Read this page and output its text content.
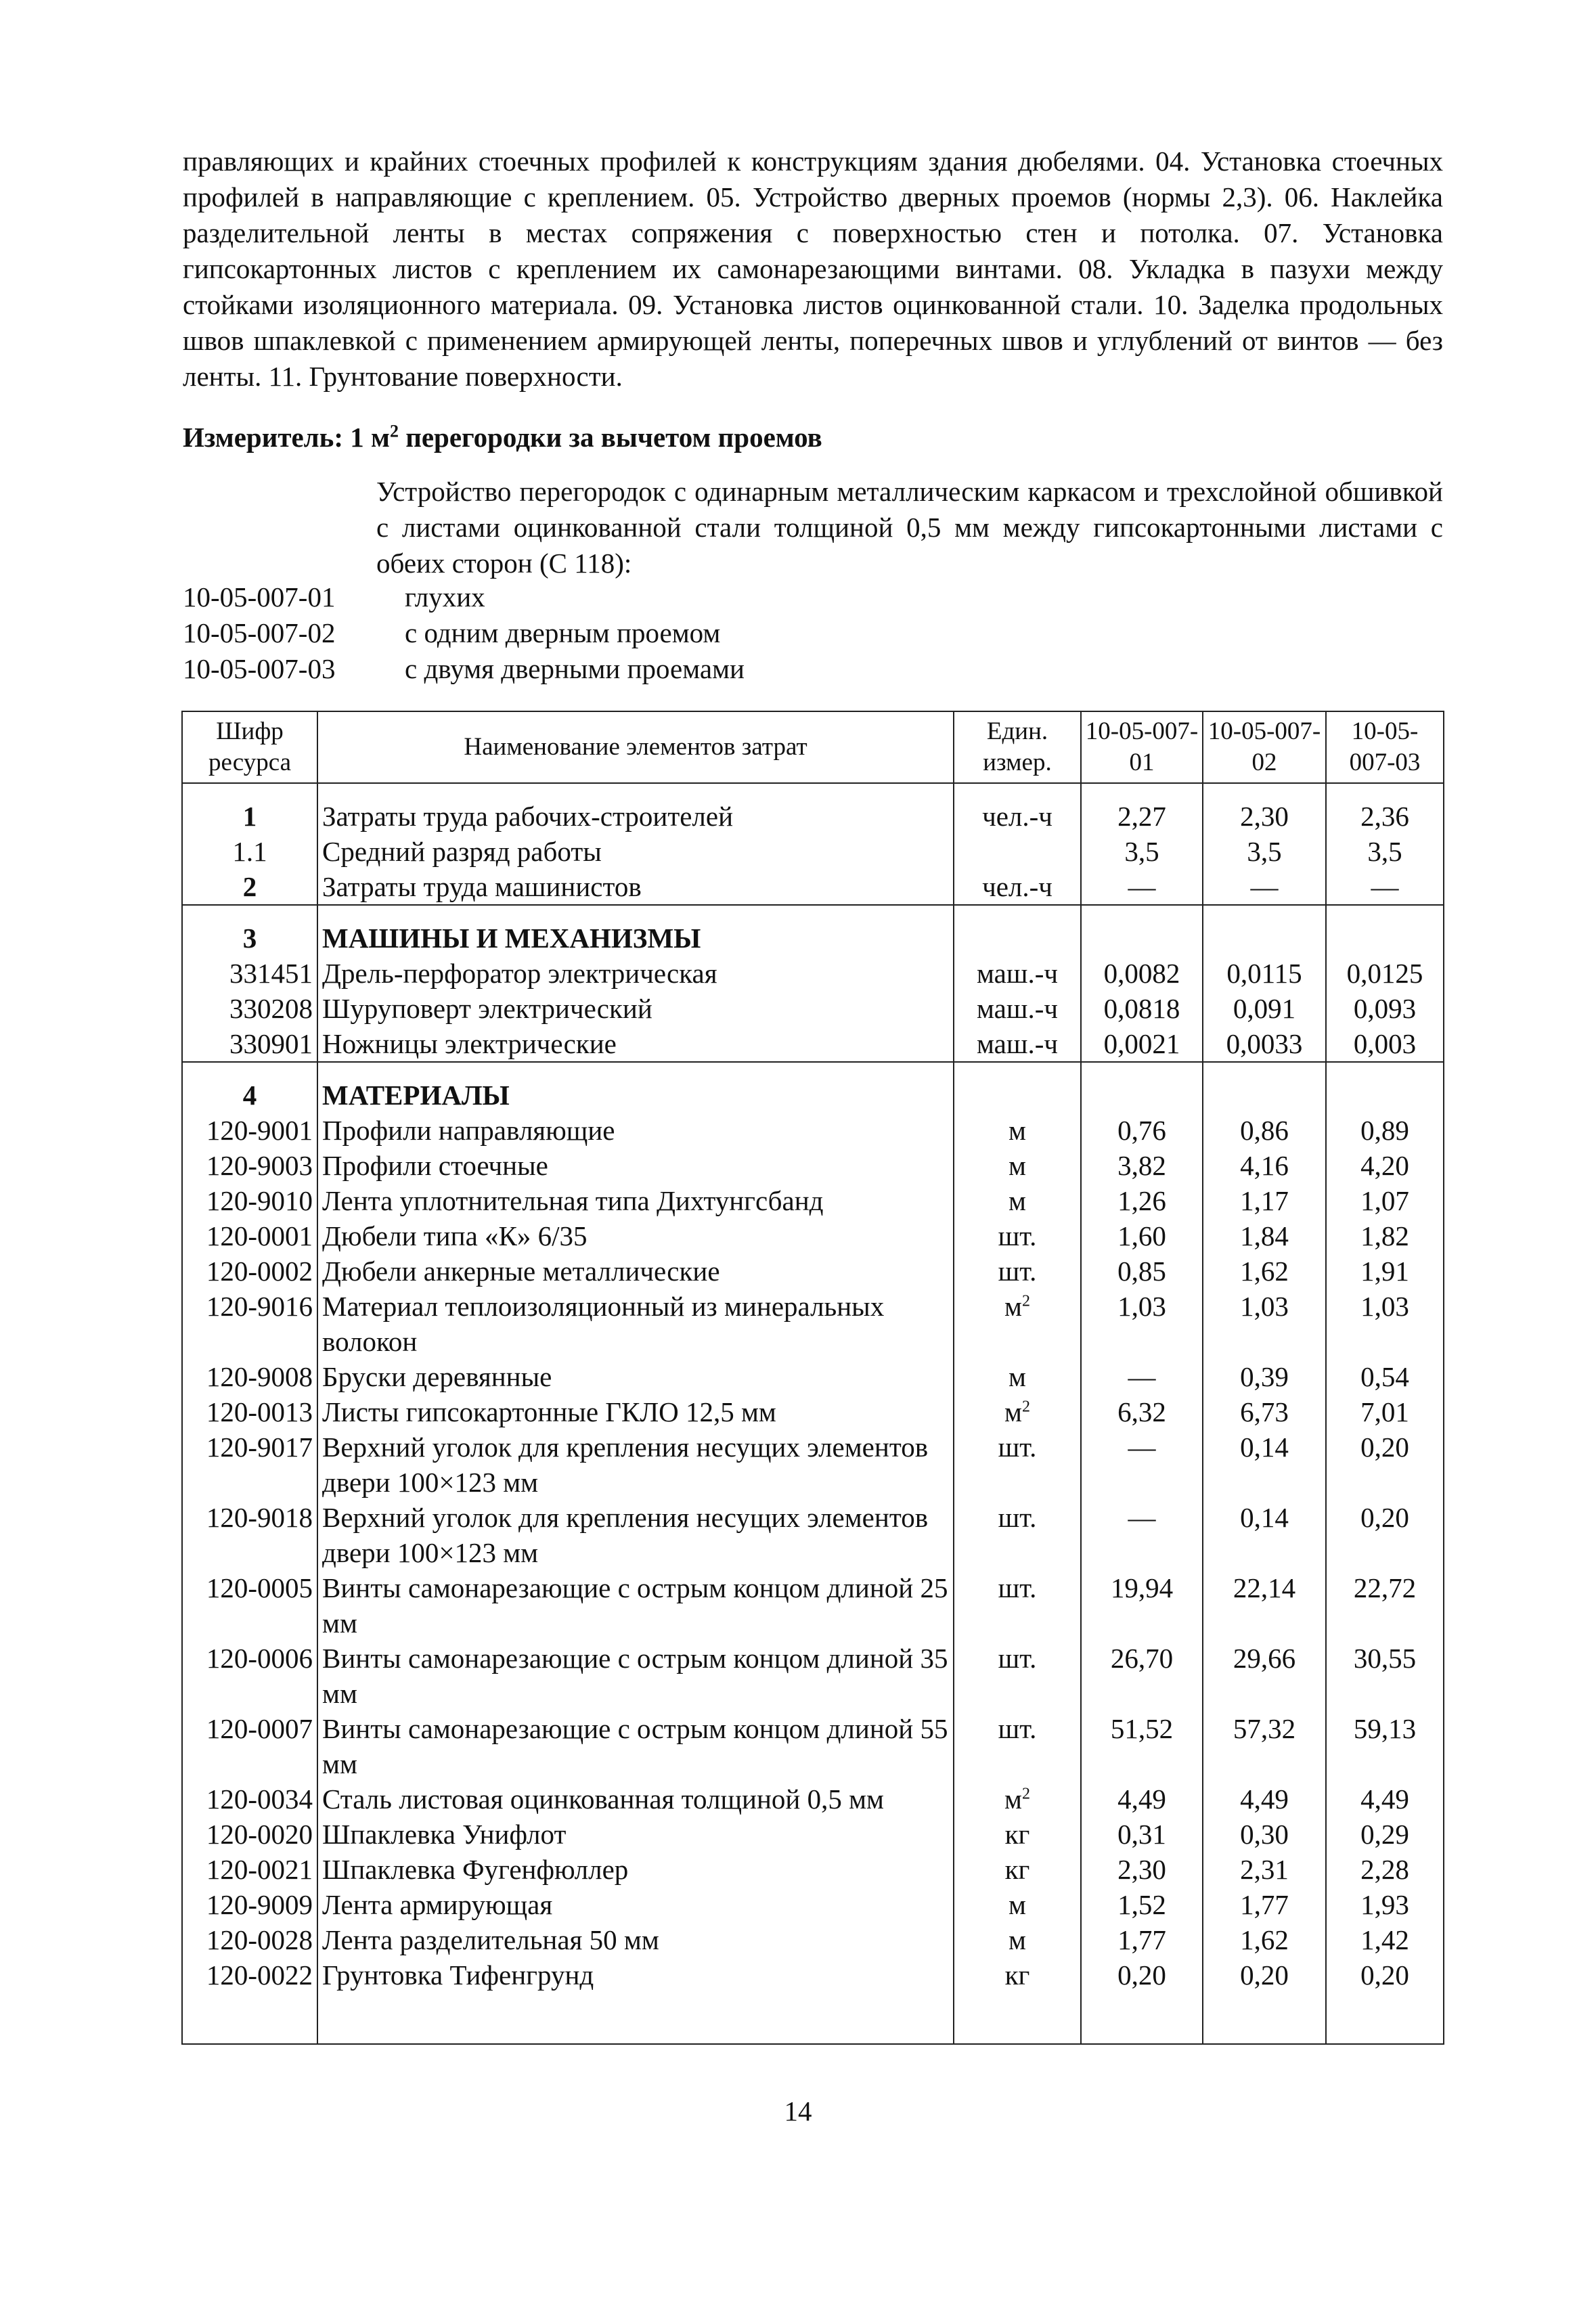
правляющих и крайних стоечных профилей к конструкциям здания дюбелями. 04. Установка стоечных профилей в направляющие с креплением. 05. Устройство дверных проемов (нормы 2,3). 06. Наклейка разделительной ленты в местах сопряжения с поверхностью стен и потолка. 07. Установка гипсокартонных листов с креплением их самонарезающими винтами. 08. Укладка в пазухи между стойками изоляционного материала. 09. Установка листов оцинкованной стали. 10. Заделка продольных швов шпаклевкой с применением армирующей ленты, поперечных швов и углублений от винтов — без ленты. 11. Грунтование поверхности.

Измеритель: 1 $м^2$ перегородки за вычетом проемов
Устройство перегородок с одинарным металлическим каркасом и трехслойной обшивкой с листами оцинкованной стали толщиной 0,5 мм между гипсокартонными листами с обеих сторон (С 118):
10-05-007-01	глухих
10-05-007-02	с одним дверным проемом
10-05-007-03	с двумя дверными проемами
Шифр ресурса	Наименование элементов затрат	Един. измер.	10-05-007-01	10-05-007-02	10-05-007-03

1	Затраты труда рабочих-строителей	чел.-ч	2,27	2,30	2,36
1.1	Средний разряд работы		3,5	3,5	3,5
2	Затраты труда машинистов	чел.-ч	—	—	—

3	МАШИНЫ И МЕХАНИЗМЫ				
331451	Дрель-перфоратор электрическая	маш.-ч	0,0082	0,0115	0,0125
330208	Шуруповерт электрический	маш.-ч	0,0818	0,091	0,093
330901	Ножницы электрические	маш.-ч	0,0021	0,0033	0,003

4	МАТЕРИАЛЫ				
120-9001	Профили направляющие	м	0,76	0,86	0,89
120-9003	Профили стоечные	м	3,82	4,16	4,20
120-9010	Лента уплотнительная типа Дихтунгсбанд	м	1,26	1,17	1,07
120-0001	Дюбели типа «К» 6/35	шт.	1,60	1,84	1,82
120-0002	Дюбели анкерные металлические	шт.	0,85	1,62	1,91
120-9016	Материал теплоизоляционный из минеральных волокон	$м^2$	1,03	1,03	1,03
120-9008	Бруски деревянные	м	—	0,39	0,54
120-0013	Листы гипсокартонные ГКЛО 12,5 мм	$м^2$	6,32	6,73	7,01
120-9017	Верхний уголок для крепления несущих элементов двери 100×123 мм	шт.	—	0,14	0,20
120-9018	Верхний уголок для крепления несущих элементов двери 100×123 мм	шт.	—	0,14	0,20
120-0005	Винты самонарезающие с острым концом длиной 25 мм	шт.	19,94	22,14	22,72
120-0006	Винты самонарезающие с острым концом длиной 35 мм	шт.	26,70	29,66	30,55
120-0007	Винты самонарезающие с острым концом длиной 55 мм	шт.	51,52	57,32	59,13
120-0034	Сталь листовая оцинкованная толщиной 0,5 мм	$м^2$	4,49	4,49	4,49
120-0020	Шпаклевка Унифлот	кг	0,31	0,30	0,29
120-0021	Шпаклевка Фугенфюллер	кг	2,30	2,31	2,28
120-9009	Лента армирующая	м	1,52	1,77	1,93
120-0028	Лента разделительная 50 мм	м	1,77	1,62	1,42
120-0022	Грунтовка Тифенгрунд	кг	0,20	0,20	0,20

14
